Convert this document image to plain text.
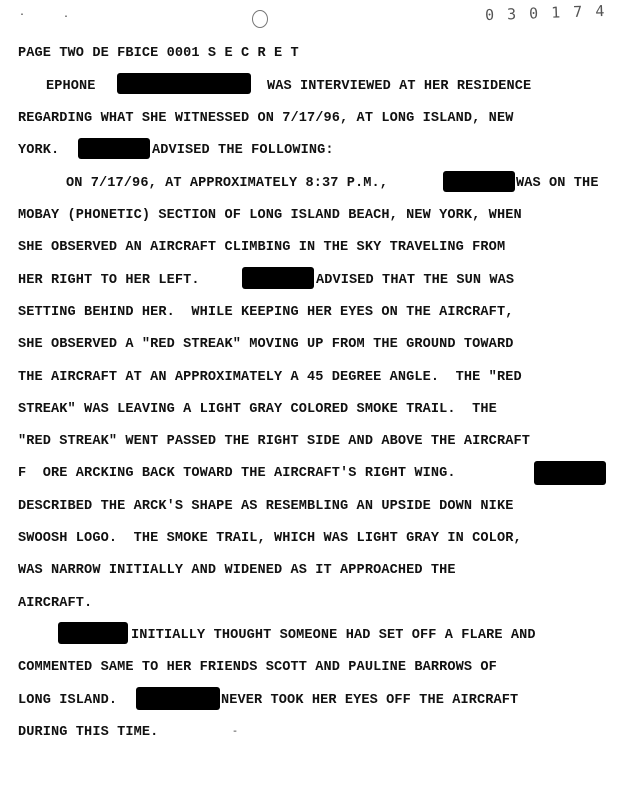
·	·	0 3 0 1 7 4
PAGE TWO DE FBICE 0001 S E C R E T

EPHONE

	WAS INTERVIEWED AT HER RESIDENCE

REGARDING WHAT SHE WITNESSED ON 7/17/96, AT LONG ISLAND, NEW

YORK.

	ADVISED THE FOLLOWING:

ON 7/17/96, AT APPROXIMATELY 8:37 P.M.,

	WAS ON THE

MOBAY (PHONETIC) SECTION OF LONG ISLAND BEACH, NEW YORK, WHEN

SHE OBSERVED AN AIRCRAFT CLIMBING IN THE SKY TRAVELING FROM

HER RIGHT TO HER LEFT.

	ADVISED THAT THE SUN WAS

SETTING BEHIND HER.  WHILE KEEPING HER EYES ON THE AIRCRAFT,

SHE OBSERVED A "RED STREAK" MOVING UP FROM THE GROUND TOWARD

THE AIRCRAFT AT AN APPROXIMATELY A 45 DEGREE ANGLE.  THE "RED

STREAK" WAS LEAVING A LIGHT GRAY COLORED SMOKE TRAIL.  THE

"RED STREAK" WENT PASSED THE RIGHT SIDE AND ABOVE THE AIRCRAFT

F  ORE ARCKING BACK TOWARD THE AIRCRAFT'S RIGHT WING.

DESCRIBED THE ARCK'S SHAPE AS RESEMBLING AN UPSIDE DOWN NIKE

SWOOSH LOGO.  THE SMOKE TRAIL, WHICH WAS LIGHT GRAY IN COLOR,

WAS NARROW INITIALLY AND WIDENED AS IT APPROACHED THE

AIRCRAFT.

INITIALLY THOUGHT SOMEONE HAD SET OFF A FLARE AND

COMMENTED SAME TO HER FRIENDS SCOTT AND PAULINE BARROWS OF

LONG ISLAND.

	NEVER TOOK HER EYES OFF THE AIRCRAFT

DURING THIS TIME.	-
